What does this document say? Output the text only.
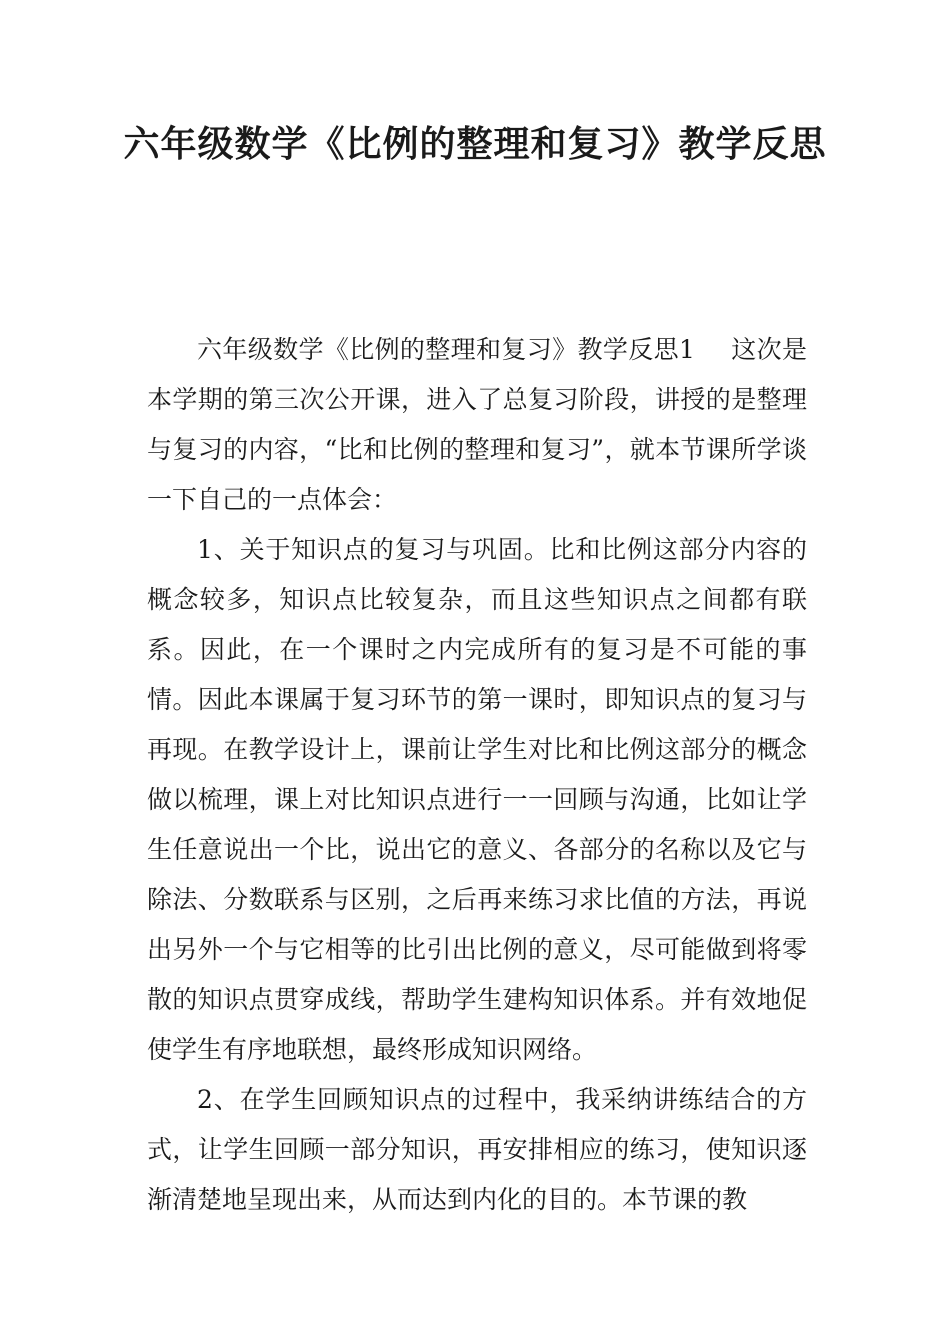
六年级数学《比例的整理和复习》教学反思

六年级数学《比例的整理和复习》教学反思1 这次是本学期的第三次公开课，进入了总复习阶段，讲授的是整理与复习的内容，“比和比例的整理和复习”，就本节课所学谈一下自己的一点体会：

1、关于知识点的复习与巩固。比和比例这部分内容的概念较多，知识点比较复杂，而且这些知识点之间都有联系。因此，在一个课时之内完成所有的复习是不可能的事情。因此本课属于复习环节的第一课时，即知识点的复习与再现。在教学设计上，课前让学生对比和比例这部分的概念做以梳理，课上对比知识点进行一一回顾与沟通，比如让学生任意说出一个比，说出它的意义、各部分的名称以及它与除法、分数联系与区别，之后再来练习求比值的方法，再说出另外一个与它相等的比引出比例的意义，尽可能做到将零散的知识点贯穿成线，帮助学生建构知识体系。并有效地促使学生有序地联想，最终形成知识网络。

2、在学生回顾知识点的过程中，我采纳讲练结合的方式，让学生回顾一部分知识，再安排相应的练习，使知识逐渐清楚地呈现出来，从而达到内化的目的。本节课的教
